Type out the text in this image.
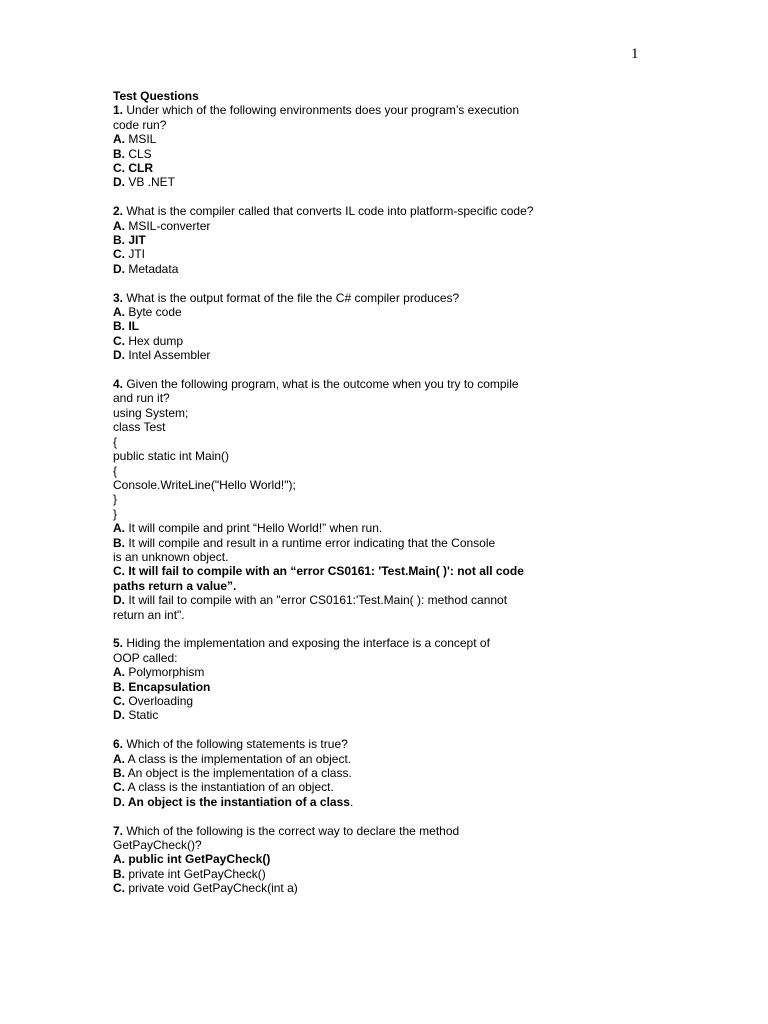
1
Test Questions
1. Under which of the following environments does your program’s execution
code run?
A. MSIL
B. CLS
C. CLR
D. VB .NET
2. What is the compiler called that converts IL code into platform-specific code?
A. MSIL-converter
B. JIT
C. JTI
D. Metadata
3. What is the output format of the file the C# compiler produces?
A. Byte code
B. IL
C. Hex dump
D. Intel Assembler
4. Given the following program, what is the outcome when you try to compile
and run it?
using System;
class Test
{
public static int Main()
{
Console.WriteLine("Hello World!");
}
}
A. It will compile and print “Hello World!” when run.
B. It will compile and result in a runtime error indicating that the Console
is an unknown object.
C. It will fail to compile with an “error CS0161: 'Test.Main( )': not all code
paths return a value”.
D. It will fail to compile with an "error CS0161:'Test.Main( ): method cannot
return an int".
5. Hiding the implementation and exposing the interface is a concept of
OOP called:
A. Polymorphism
B. Encapsulation
C. Overloading
D. Static
6. Which of the following statements is true?
A. A class is the implementation of an object.
B. An object is the implementation of a class.
C. A class is the instantiation of an object.
D. An object is the instantiation of a class.
7. Which of the following is the correct way to declare the method
GetPayCheck()?
A. public int GetPayCheck()
B. private int GetPayCheck()
C. private void GetPayCheck(int a)
